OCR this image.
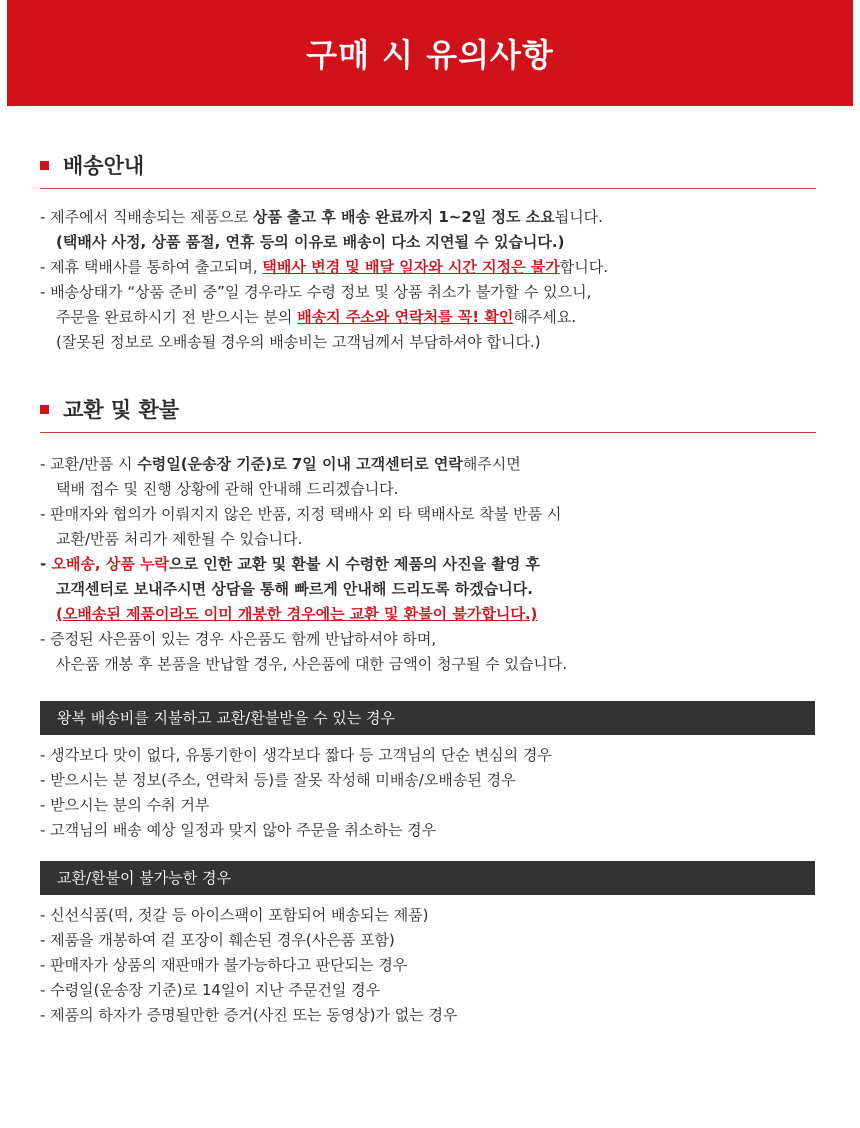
구매 시 유의사항
배송안내
- 제주에서 직배송되는 제품으로 상품 출고 후 배송 완료까지 1~2일 정도 소요됩니다.
(택배사 사정, 상품 품절, 연휴 등의 이유로 배송이 다소 지연될 수 있습니다.)
- 제휴 택배사를 통하여 출고되며, 택배사 변경 및 배달 일자와 시간 지정은 불가합니다.
- 배송상태가 “상품 준비 중”일 경우라도 수령 정보 및 상품 취소가 불가할 수 있으니,
주문을 완료하시기 전 받으시는 분의 배송지 주소와 연락처를 꼭! 확인해주세요.
(잘못된 정보로 오배송될 경우의 배송비는 고객님께서 부담하셔야 합니다.)
교환 및 환불
- 교환/반품 시 수령일(운송장 기준)로 7일 이내 고객센터로 연락해주시면
택배 접수 및 진행 상황에 관해 안내해 드리겠습니다.
- 판매자와 협의가 이뤄지지 않은 반품, 지정 택배사 외 타 택배사로 착불 반품 시
교환/반품 처리가 제한될 수 있습니다.
- 오배송, 상품 누락으로 인한 교환 및 환불 시 수령한 제품의 사진을 촬영 후
고객센터로 보내주시면 상담을 통해 빠르게 안내해 드리도록 하겠습니다.
(오배송된 제품이라도 이미 개봉한 경우에는 교환 및 환불이 불가합니다.)
- 증정된 사은품이 있는 경우 사은품도 함께 반납하셔야 하며,
사은품 개봉 후 본품을 반납할 경우, 사은품에 대한 금액이 청구될 수 있습니다.
왕복 배송비를 지불하고 교환/환불받을 수 있는 경우
- 생각보다 맛이 없다, 유통기한이 생각보다 짧다 등 고객님의 단순 변심의 경우
- 받으시는 분 정보(주소, 연락처 등)를 잘못 작성해 미배송/오배송된 경우
- 받으시는 분의 수취 거부
- 고객님의 배송 예상 일정과 맞지 않아 주문을 취소하는 경우
교환/환불이 불가능한 경우
- 신선식품(떡, 젓갈 등 아이스팩이 포함되어 배송되는 제품)
- 제품을 개봉하여 겉 포장이 훼손된 경우(사은품 포함)
- 판매자가 상품의 재판매가 불가능하다고 판단되는 경우
- 수령일(운송장 기준)로 14일이 지난 주문건일 경우
- 제품의 하자가 증명될만한 증거(사진 또는 동영상)가 없는 경우
